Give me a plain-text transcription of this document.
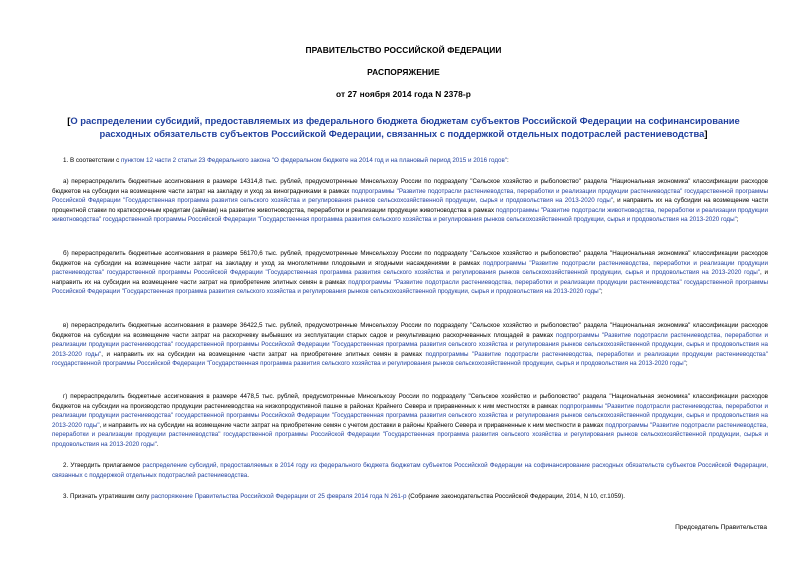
ПРАВИТЕЛЬСТВО РОССИЙСКОЙ ФЕДЕРАЦИИ
РАСПОРЯЖЕНИЕ
от 27 ноября 2014 года N 2378-р
[О распределении субсидий, предоставляемых из федерального бюджета бюджетам субъектов Российской Федерации на софинансирование расходных обязательств субъектов Российской Федерации, связанных с поддержкой отдельных подотраслей растениеводства]

1. В соответствии с пунктом 12 части 2 статьи 23 Федерального закона "О федеральном бюджете на 2014 год и на плановый период 2015 и 2016 годов":

а) перераспределить бюджетные ассигнования в размере 14314,8 тыс. рублей, предусмотренные Минсельхозу России по подразделу "Сельское хозяйство и рыболовство" раздела "Национальная экономика" классификации расходов бюджетов на субсидии на возмещение части затрат на закладку и уход за виноградниками в рамках подпрограммы "Развитие подотрасли растениеводства, переработки и реализации продукции растениеводства" государственной программы Российской Федерации "Государственная программа развития сельского хозяйства и регулирования рынков сельскохозяйственной продукции, сырья и продовольствия на 2013-2020 годы", и направить их на субсидии на возмещение части процентной ставки по краткосрочным кредитам (займам) на развитие животноводства, переработки и реализации продукции животноводства в рамках подпрограммы "Развитие подотрасли животноводства, переработки и реализации продукции животноводства" государственной программы Российской Федерации "Государственная программа развития сельского хозяйства и регулирования рынков сельскохозяйственной продукции, сырья и продовольствия на 2013-2020 годы";

б) перераспределить бюджетные ассигнования в размере 56170,6 тыс. рублей, предусмотренные Минсельхозу России по подразделу "Сельское хозяйство и рыболовство" раздела "Национальная экономика" классификации расходов бюджетов на субсидии на возмещение части затрат на закладку и уход за многолетними плодовыми и ягодными насаждениями в рамках подпрограммы "Развитие подотрасли растениеводства, переработки и реализации продукции растениеводства" государственной программы Российской Федерации "Государственная программа развития сельского хозяйства и регулирования рынков сельскохозяйственной продукции, сырья и продовольствия на 2013-2020 годы", и направить их на субсидии на возмещение части затрат на приобретение элитных семян в рамках подпрограммы "Развитие подотрасли растениеводства, переработки и реализации продукции растениеводства" государственной программы Российской Федерации "Государственная программа развития сельского хозяйства и регулирования рынков сельскохозяйственной продукции, сырья и продовольствия на 2013-2020 годы";

в) перераспределить бюджетные ассигнования в размере 36422,5 тыс. рублей, предусмотренные Минсельхозу России по подразделу "Сельское хозяйство и рыболовство" раздела "Национальная экономика" классификации расходов бюджетов на субсидии на возмещение части затрат на раскорчевку выбывших из эксплуатации старых садов и рекультивацию раскорчеванных площадей в рамках подпрограммы "Развитие подотрасли растениеводства, переработки и реализации продукции растениеводства" государственной программы Российской Федерации "Государственная программа развития сельского хозяйства и регулирования рынков сельскохозяйственной продукции, сырья и продовольствия на 2013-2020 годы", и направить их на субсидии на возмещение части затрат на приобретение элитных семян в рамках подпрограммы "Развитие подотрасли растениеводства, переработки и реализации продукции растениеводства" государственной программы Российской Федерации "Государственная программа развития сельского хозяйства и регулирования рынков сельскохозяйственной продукции, сырья и продовольствия на 2013-2020 годы";

г) перераспределить бюджетные ассигнования в размере 4478,5 тыс. рублей, предусмотренные Минсельхозу России по подразделу "Сельское хозяйство и рыболовство" раздела "Национальная экономика" классификации расходов бюджетов на субсидии на производство продукции растениеводства на низкопродуктивной пашне в районах Крайнего Севера и приравненных к ним местностях в рамках подпрограммы "Развитие подотрасли растениеводства, переработки и реализации продукции растениеводства" государственной программы Российской Федерации "Государственная программа развития сельского хозяйства и регулирования рынков сельскохозяйственной продукции, сырья и продовольствия на 2013-2020 годы", и направить их на субсидии на возмещение части затрат на приобретение семян с учетом доставки в районы Крайнего Севера и приравненные к ним местности в рамках подпрограммы "Развитие подотрасли растениеводства, переработки и реализации продукции растениеводства" государственной программы Российской Федерации "Государственная программа развития сельского хозяйства и регулирования рынков сельскохозяйственной продукции, сырья и продовольствия на 2013-2020 годы".

2. Утвердить прилагаемое распределение субсидий, предоставляемых в 2014 году из федерального бюджета бюджетам субъектов Российской Федерации на софинансирование расходных обязательств субъектов Российской Федерации, связанных с поддержкой отдельных подотраслей растениеводства.

3. Признать утратившим силу распоряжение Правительства Российской Федерации от 25 февраля 2014 года N 261-р (Собрание законодательства Российской Федерации, 2014, N 10, ст.1059).

Председатель Правительства
